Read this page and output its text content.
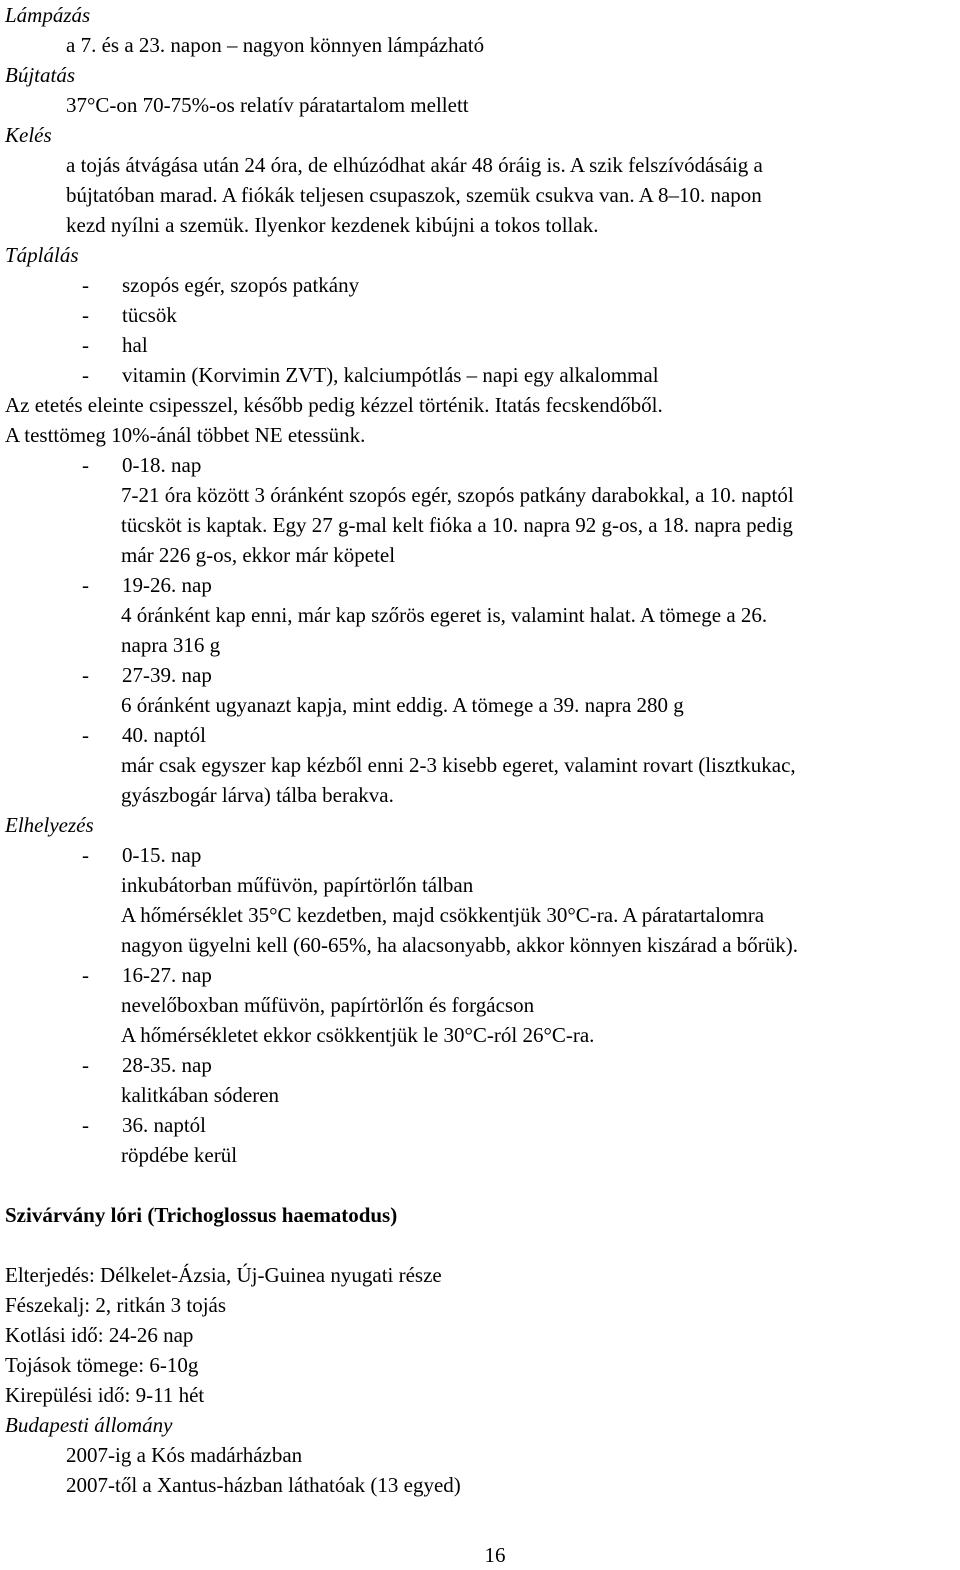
Lámpázás
a 7. és a 23. napon – nagyon könnyen lámpázható
Bújtatás
37°C-on 70-75%-os relatív páratartalom mellett
Kelés
a tojás átvágása után 24 óra, de elhúzódhat akár 48 óráig is. A szik felszívódásáig a
bújtatóban marad. A fiókák teljesen csupaszok, szemük csukva van. A 8–10. napon
kezd nyílni a szemük. Ilyenkor kezdenek kibújni a tokos tollak.
Táplálás
- szopós egér, szopós patkány
- tücsök
- hal
- vitamin (Korvimin ZVT), kalciumpótlás – napi egy alkalommal
Az etetés eleinte csipesszel, később pedig kézzel történik. Itatás fecskendőből.
A testtömeg 10%-ánál többet NE etessünk.
- 0-18. nap
7-21 óra között 3 óránként szopós egér, szopós patkány darabokkal, a 10. naptól
tücsköt is kaptak. Egy 27 g-mal kelt fióka a 10. napra 92 g-os, a 18. napra pedig
már 226 g-os, ekkor már köpetel
- 19-26. nap
4 óránként kap enni, már kap szőrös egeret is, valamint halat. A tömege a 26.
napra 316 g
- 27-39. nap
6 óránként ugyanazt kapja, mint eddig. A tömege a 39. napra 280 g
- 40. naptól
már csak egyszer kap kézből enni 2-3 kisebb egeret, valamint rovart (lisztkukac,
gyászbogár lárva) tálba berakva.
Elhelyezés
- 0-15. nap
inkubátorban műfüvön, papírtörlőn tálban
A hőmérséklet 35°C kezdetben, majd csökkentjük 30°C-ra. A páratartalomra
nagyon ügyelni kell (60-65%, ha alacsonyabb, akkor könnyen kiszárad a bőrük).
- 16-27. nap
nevelőboxban műfüvön, papírtörlőn és forgácson
A hőmérsékletet ekkor csökkentjük le 30°C-ról 26°C-ra.
- 28-35. nap
kalitkában sóderen
- 36. naptól
röpdébe kerül
Szivárvány lóri (Trichoglossus haematodus)
Elterjedés: Délkelet-Ázsia, Új-Guinea nyugati része
Fészekalj: 2, ritkán 3 tojás
Kotlási idő: 24-26 nap
Tojások tömege: 6-10g
Kirepülési idő: 9-11 hét
Budapesti állomány
2007-ig a Kós madárházban
2007-től a Xantus-házban láthatóak (13 egyed)
16
